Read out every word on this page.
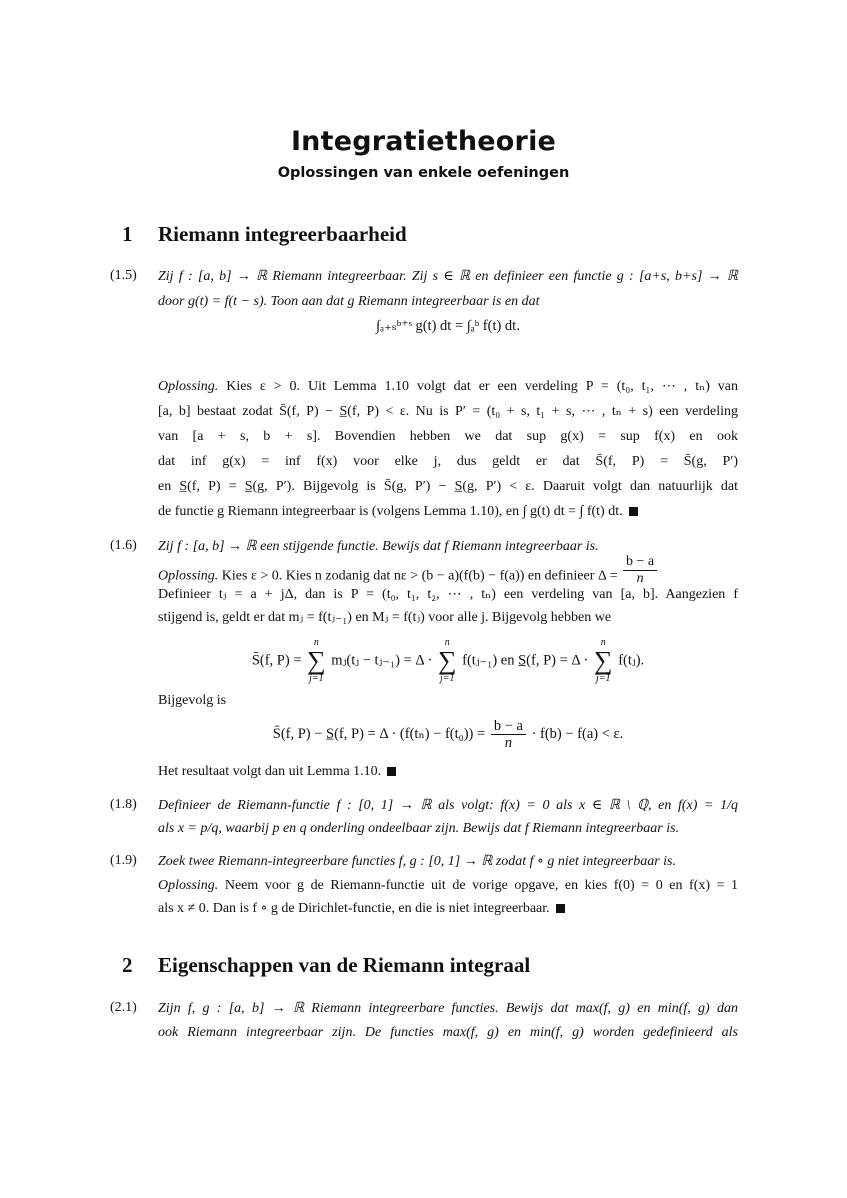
Integratietheorie
Oplossingen van enkele oefeningen
1 Riemann integreerbaarheid
(1.5) Zij f : [a, b] → ℝ Riemann integreerbaar. Zij s ∈ ℝ en definieer een functie g : [a+s, b+s] → ℝ
door g(t) = f(t − s). Toon aan dat g Riemann integreerbaar is en dat
∫ₐ₊ₛᵇ⁺ˢ g(t) dt = ∫ₐᵇ f(t) dt.
Oplossing. Kies ε > 0. Uit Lemma 1.10 volgt dat er een verdeling P = (t₀, t₁, ⋯ , tₙ) van
[a, b] bestaat zodat S̄(f, P) − S̲(f, P) < ε. Nu is P′ = (t₀ + s, t₁ + s, ⋯ , tₙ + s) een verdeling
van [a + s, b + s]. Bovendien hebben we dat sup g(x) = sup f(x) en ook
dat inf g(x) = inf f(x) voor elke j, dus geldt er dat S̄(f, P) = S̄(g, P′)
en S̲(f, P) = S̲(g, P′). Bijgevolg is S̄(g, P′) − S̲(g, P′) < ε. Daaruit volgt dan natuurlijk dat
de functie g Riemann integreerbaar is (volgens Lemma 1.10), en ∫ g(t) dt = ∫ f(t) dt.
(1.6) Zij f : [a, b] → ℝ een stijgende functie. Bewijs dat f Riemann integreerbaar is.
Oplossing. Kies ε > 0. Kies n zodanig dat nε > (b − a)(f(b) − f(a)) en definieer $\Delta = \frac{b - a}{n}$
Definieer tⱼ = a + jΔ, dan is P = (t₀, t₁, t₂, ⋯ , tₙ) een verdeling van [a, b]. Aangezien f
stijgend is, geldt er dat mⱼ = f(tⱼ₋₁) en Mⱼ = f(tⱼ) voor alle j. Bijgevolg hebben we
S̄(f, P) =
n
∑
j=1
mⱼ(tⱼ − tⱼ₋₁) = Δ ·
n
∑
j=1
f(tⱼ₋₁) en S̲(f, P) = Δ ·
n
∑
j=1
f(tⱼ).
Bijgevolg is
S̄(f, P) − S̲(f, $P) = \Delta \cdot (f(t_n) - f(t_0)) = \frac{b - a}{n} \cdot f(b) - f(a) < \varepsilon$.
Het resultaat volgt dan uit Lemma 1.10.
(1.8) Definieer de Riemann-functie f : [0, 1] → ℝ als volgt: f(x) = 0 als x ∈ ℝ \ ℚ, en f(x) = 1/q
als x = p/q, waarbij p en q onderling ondeelbaar zijn. Bewijs dat f Riemann integreerbaar is.
(1.9) Zoek twee Riemann-integreerbare functies f, g : [0, 1] → ℝ zodat f ∘ g niet integreerbaar is.
Oplossing. Neem voor g de Riemann-functie uit de vorige opgave, en kies f(0) = 0 en f(x) = 1
als x ≠ 0. Dan is f ∘ g de Dirichlet-functie, en die is niet integreerbaar.
2 Eigenschappen van de Riemann integraal
(2.1) Zijn f, g : [a, b] → ℝ Riemann integreerbare functies. Bewijs dat max(f, g) en min(f, g) dan
ook Riemann integreerbaar zijn. De functies max(f, g) en min(f, g) worden gedefinieerd als
